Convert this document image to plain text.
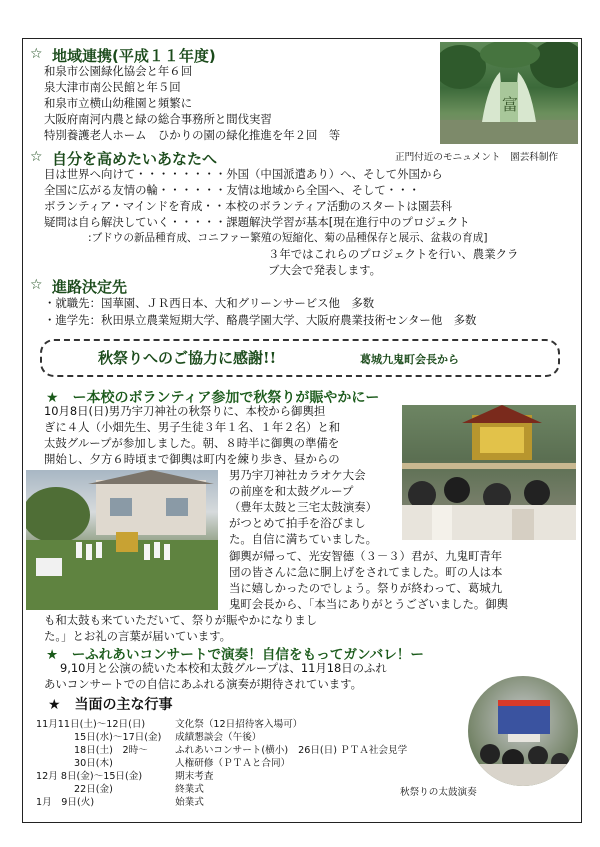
☆ 地域連携(平成１１年度)
和泉市公園緑化協会と年６回
泉大津市南公民館と年５回
和泉市立横山幼稚園と頻繁に
大阪府南河内農と緑の総合事務所と間伐実習
特別養護老人ホーム　ひかりの園の緑化推進を年２回　等
富
正門付近のモニュメント　園芸科制作
☆ 自分を高めたいあなたへ
目は世界へ向けて・・・・・・・・外国（中国派遣あり）へ、そして外国から
全国に広がる友情の輪・・・・・・友情は地域から全国へ、そして・・・
ボランティア・マインドを育成・・本校のボランティア活動のスタートは園芸科
疑問は自ら解決していく・・・・・課題解決学習が基本[現在進行中のプロジェクト
:ブドウの新品種育成、コニファー繁殖の短縮化、菊の品種保存と展示、盆栽の育成]
３年ではこれらのプロジェクトを行い、農業クラ
ブ大会で発表します。
☆ 進路決定先
・就職先：国華園、ＪＲ西日本、大和グリーンサービス他　多数
・進学先：秋田県立農業短期大学、酪農学園大学、大阪府農業技術センター他　多数
秋祭りへのご協力に感謝!!	葛城九鬼町会長から
★　ー本校のボランティア参加で秋祭りが賑やかにー
10月8日(日)男乃宇刀神社の秋祭りに、本校から御輿担
ぎに４人（小畑先生、男子生徒３年１名、１年２名）と和
太鼓グループが参加しました。朝、８時半に御輿の準備を
開始し、夕方６時頃まで御輿は町内を練り歩き、昼からの
男乃宇刀神社カラオケ大会
の前座を和太鼓グループ
（豊年太鼓と三宅太鼓演奏）
がつとめて拍手を浴びまし
た。自信に満ちていました。
御輿が帰って、光安智德（３－３）君が、九鬼町青年
団の皆さんに急に胴上げをされてました。町の人は本
当に嬉しかったのでしょう。祭りが終わって、葛城九
鬼町会長から、「本当にありがとうございました。御輿
も和太鼓も来ていただいて、祭りが賑やかになりまし
た。」とお礼の言葉が届いています。
★　ーふれあいコンサートで演奏！自信をもってガンバレ！ー
9,10月と公演の続いた本校和太鼓グループは、11月18日のふれ
あいコンサートでの自信にあふれる演奏が期待されています。
★　当面の主な行事
11月11日(土)～12日(日)	文化祭（12日招待客入場可）
15日(水)～17日(金) 成績懇談会（午後）
18日(土)　2時～	ふれあいコンサート(横小) 26日(日) ＰＴＡ社会見学
30日(木)	人権研修（ＰＴＡと合同）
12月 8日(金)～15日(金)	期末考査
22日(金)	終業式
1月　9日(火)	始業式
秋祭りの太鼓演奏
